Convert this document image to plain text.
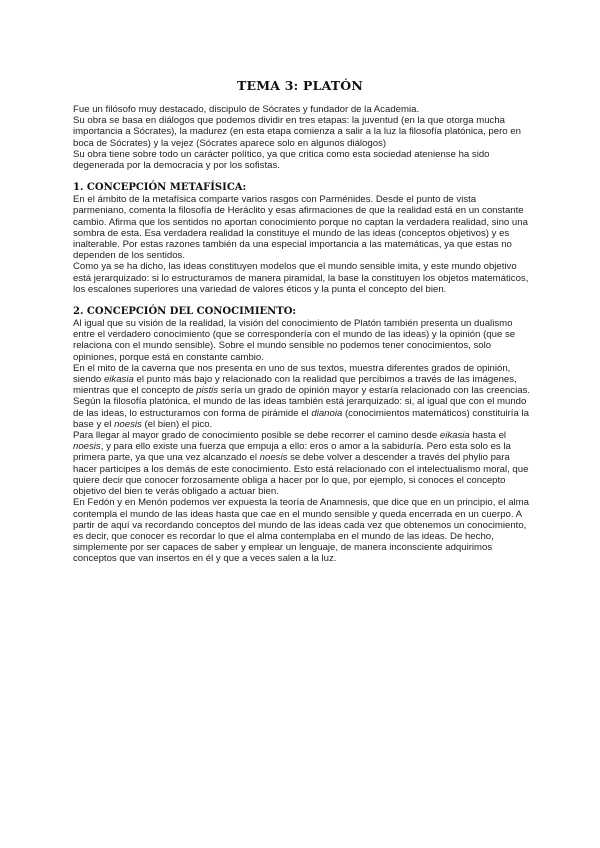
TEMA 3: PLATÓN

Fue un filósofo muy destacado, discipulo de Sócrates y fundador de la Academia.

Su obra se basa en diálogos que podemos dividir en tres etapas: la juventud (en la que otorga mucha importancia a Sócrates), la madurez (en esta etapa comienza a salir a la luz la filosofía platónica, pero en boca de Sócrates) y la vejez (Sócrates aparece solo en algunos diálogos)

Su obra tiene sobre todo un carácter político, ya que critica como esta sociedad ateniense ha sido degenerada por la democracia y por los sofistas.

1. CONCEPCIÓN METAFÍSICA:

En el ámbito de la metafísica comparte varios rasgos con Parménides. Desde el punto de vista parmeniano, comenta la filosofía de Heráclito y esas afirmaciones de que la realidad está en un constante cambio. Afirma que los sentidos no aportan conocimiento porque no captan la verdadera realidad, sino una sombra de esta. Esa verdadera realidad la constituye el mundo de las ideas (conceptos objetivos) y es inalterable. Por estas razones también da una especial importancia a las matemáticas, ya que estas no dependen de los sentidos.

Como ya se ha dicho, las ideas constituyen modelos que el mundo sensible imita, y este mundo objetivo está jerarquizado: si lo estructuramos de manera piramidal, la base la constituyen los objetos matemáticos, los escalones superiores una variedad de valores éticos y la punta el concepto del bien.

2. CONCEPCIÓN DEL CONOCIMIENTO:

Al igual que su visión de la realidad, la visión del conocimiento de Platón también presenta un dualismo entre el verdadero conocimiento (que se correspondería con el mundo de las ideas) y la opinión (que se relaciona con el mundo sensible). Sobre el mundo sensible no podemos tener conocimientos, solo opiniones, porque está en constante cambio.

En el mito de la caverna que nos presenta en uno de sus textos, muestra diferentes grados de opinión, siendo eikasia el punto más bajo y relacionado con la realidad que percibimos a través de las imágenes, mientras que el concepto de pistis sería un grado de opinión mayor y estaría relacionado con las creencias.

Según la filosofía platónica, el mundo de las ideas también está jerarquizado: si, al igual que con el mundo de las ideas, lo estructuramos con forma de pirámide el dianoia (conocimientos matemáticos) constituiría la base y el noesis (el bien) el pico.

Para llegar al mayor grado de conocimiento posible se debe recorrer el camino desde eikasia hasta el noesis, y para ello existe una fuerza que empuja a ello: eros o amor a la sabiduría. Pero esta solo es la primera parte, ya que una vez alcanzado el noesis se debe volver a descender a través del phylio para hacer participes a los demás de este conocimiento. Esto está relacionado con el intelectualismo moral, que quiere decir que conocer forzosamente obliga a hacer por lo que, por ejemplo, si conoces el concepto objetivo del bien te verás obligado a actuar bien.

En Fedón y en Menón podemos ver expuesta la teoría de Anamnesis, que dice que en un principio, el alma contempla el mundo de las ideas hasta que cae en el mundo sensible y queda encerrada en un cuerpo. A partir de aquí va recordando conceptos del mundo de las ideas cada vez que obtenemos un conocimiento, es decir, que conocer es recordar lo que el alma contemplaba en el mundo de las ideas. De hecho, simplemente por ser capaces de saber y emplear un lenguaje, de manera inconsciente adquirimos conceptos que van insertos en él y que a veces salen a la luz.
